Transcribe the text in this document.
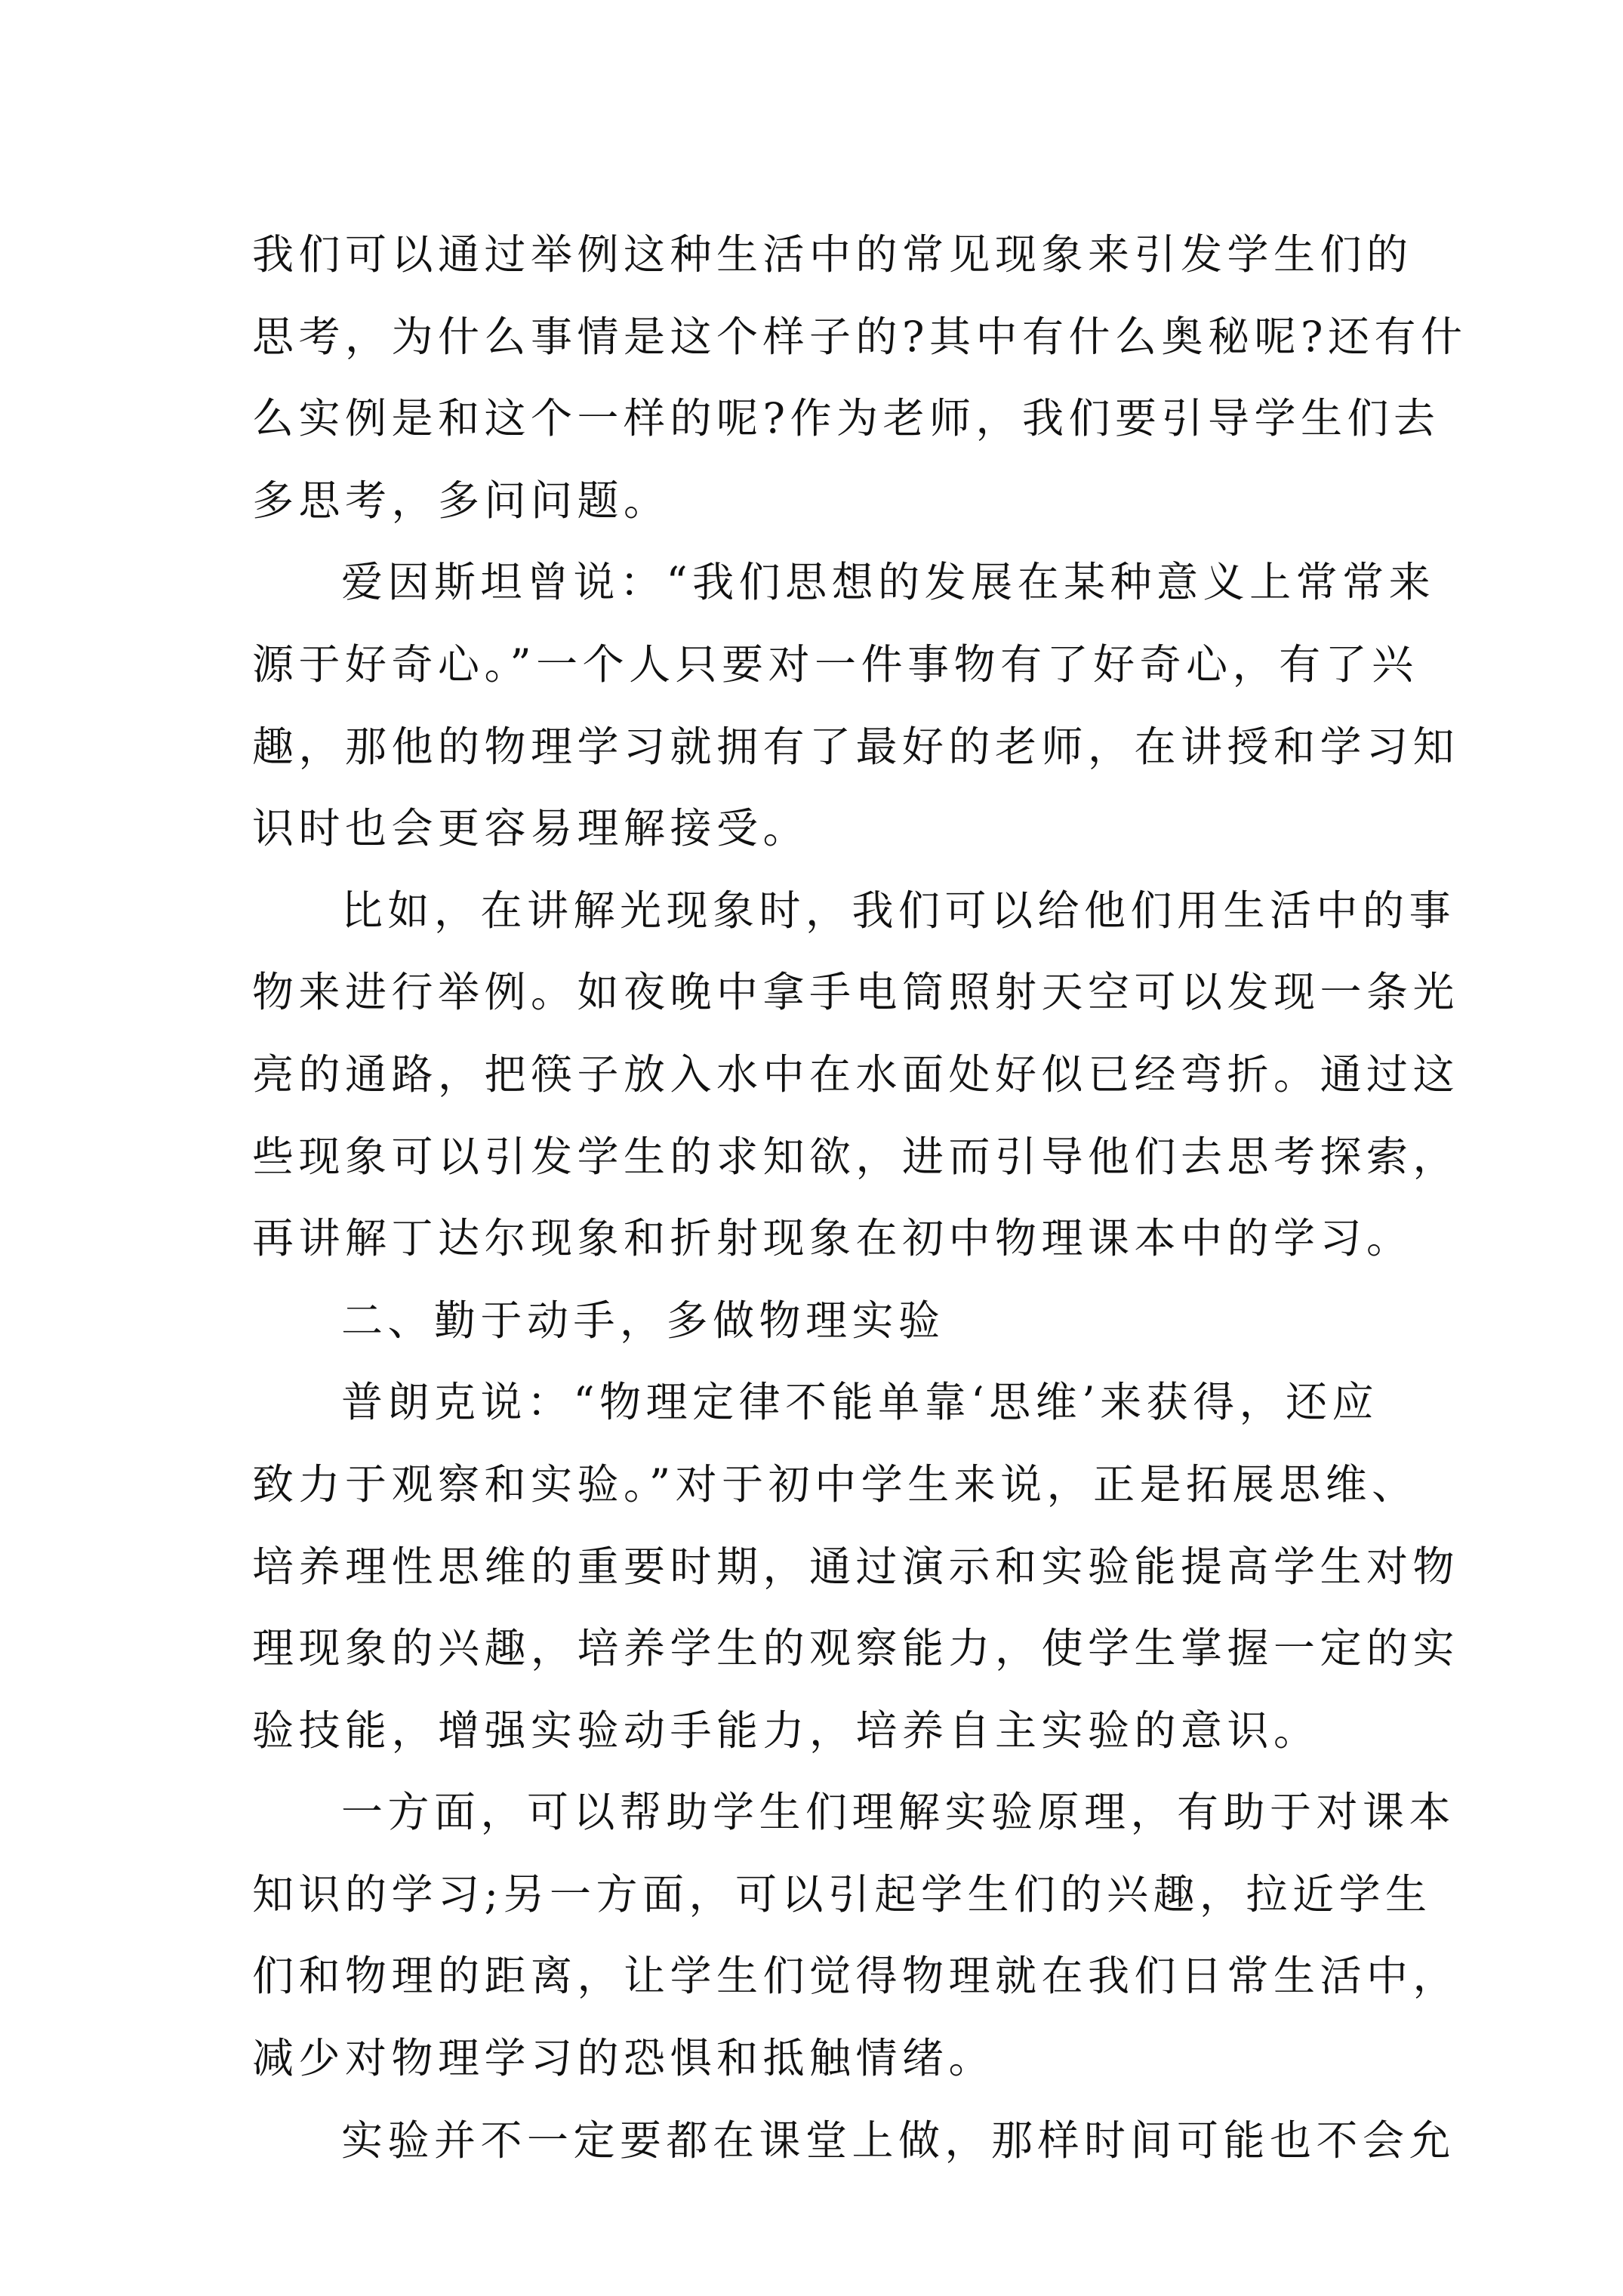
我们可以通过举例这种生活中的常见现象来引发学生们的
思考，为什么事情是这个样子的?其中有什么奥秘呢?还有什
么实例是和这个一样的呢?作为老师，我们要引导学生们去
多思考，多问问题。
爱因斯坦曾说：“我们思想的发展在某种意义上常常来
源于好奇心。”一个人只要对一件事物有了好奇心，有了兴
趣，那他的物理学习就拥有了最好的老师，在讲授和学习知
识时也会更容易理解接受。
比如，在讲解光现象时，我们可以给他们用生活中的事
物来进行举例。如夜晚中拿手电筒照射天空可以发现一条光
亮的通路，把筷子放入水中在水面处好似已经弯折。通过这
些现象可以引发学生的求知欲，进而引导他们去思考探索，
再讲解丁达尔现象和折射现象在初中物理课本中的学习。
二、勤于动手，多做物理实验
普朗克说：“物理定律不能单靠‘思维’来获得，还应
致力于观察和实验。”对于初中学生来说，正是拓展思维、
培养理性思维的重要时期，通过演示和实验能提高学生对物
理现象的兴趣，培养学生的观察能力，使学生掌握一定的实
验技能，增强实验动手能力，培养自主实验的意识。
一方面，可以帮助学生们理解实验原理，有助于对课本
知识的学习;另一方面，可以引起学生们的兴趣，拉近学生
们和物理的距离，让学生们觉得物理就在我们日常生活中，
减少对物理学习的恐惧和抵触情绪。
实验并不一定要都在课堂上做，那样时间可能也不会允
